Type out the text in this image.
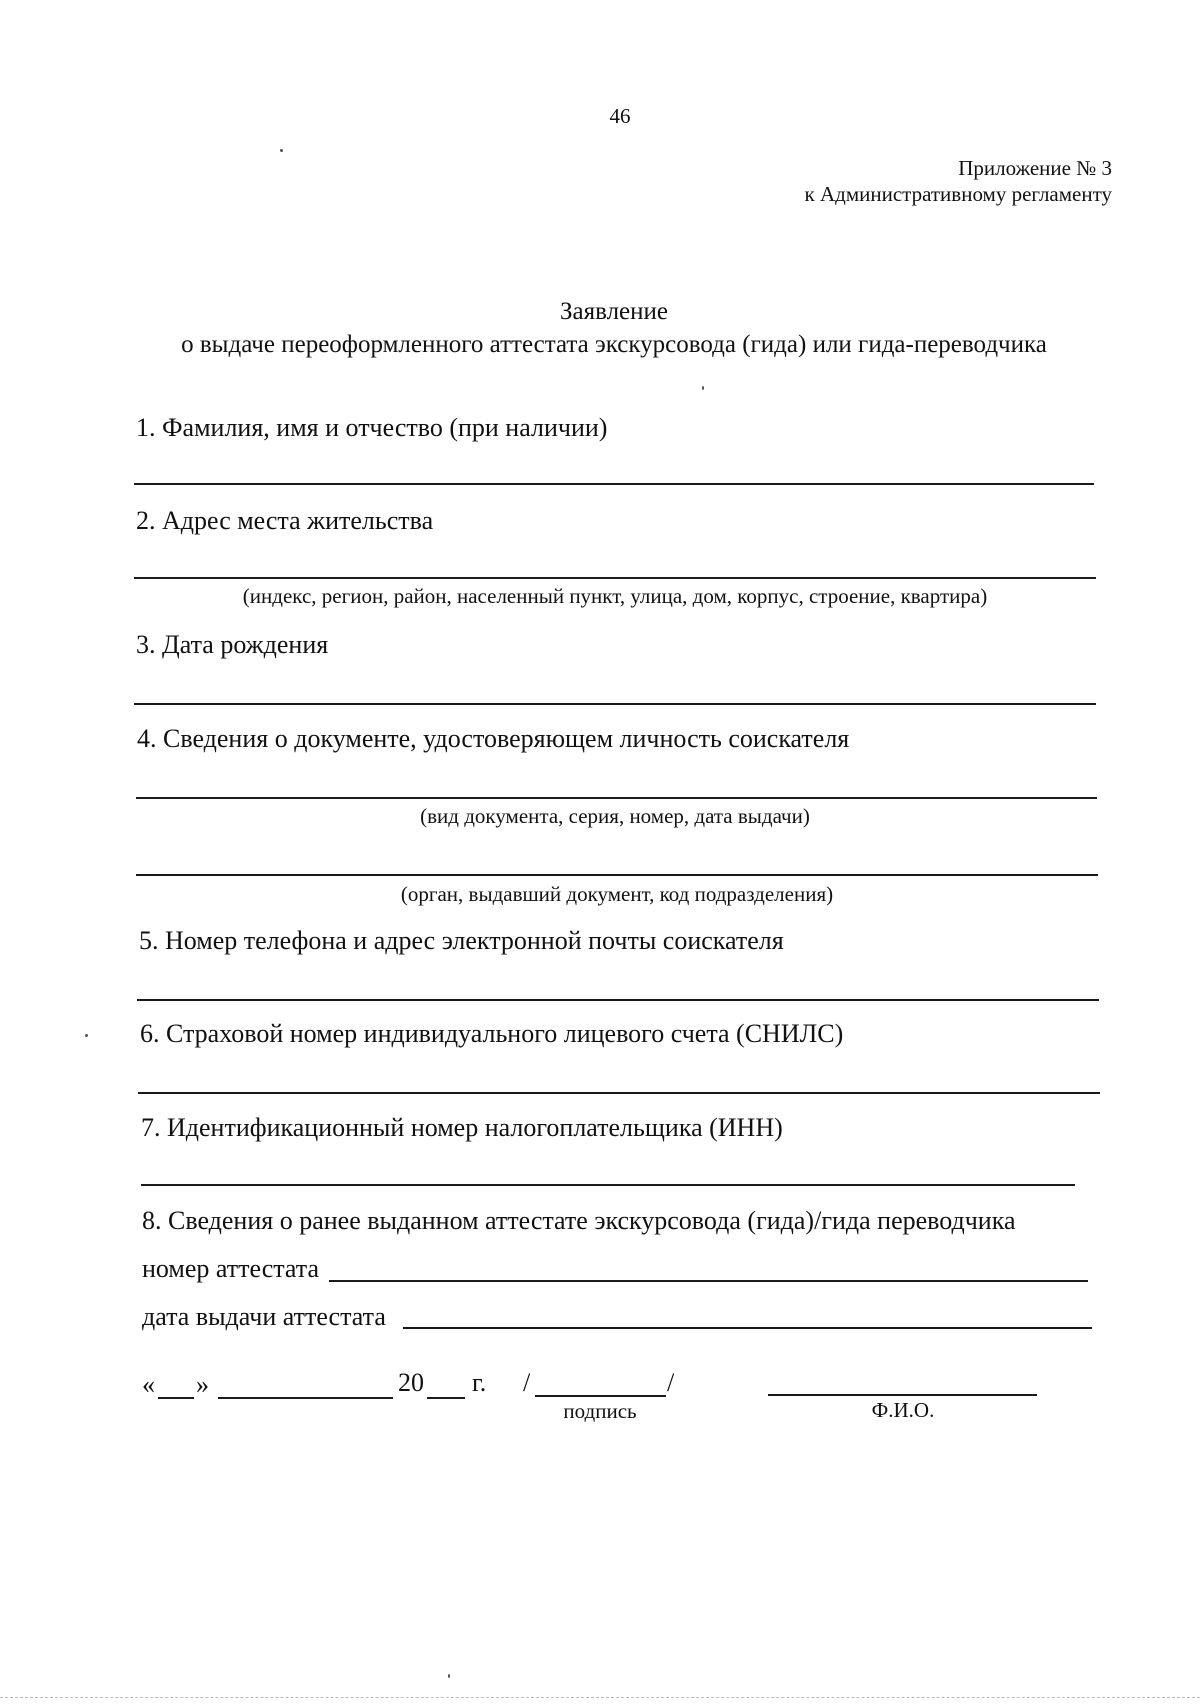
46
Приложение № 3
к Административному регламенту
Заявление
о выдаче переоформленного аттестата экскурсовода (гида) или гида-переводчика
1. Фамилия, имя и отчество (при наличии)
2. Адрес места жительства
(индекс, регион, район, населенный пункт, улица, дом, корпус, строение, квартира)
3. Дата рождения
4. Сведения о документе, удостоверяющем личность соискателя
(вид документа, серия, номер, дата выдачи)
(орган, выдавший документ, код подразделения)
5. Номер телефона и адрес электронной почты соискателя
6. Страховой номер индивидуального лицевого счета (СНИЛС)
7. Идентификационный номер налогоплательщика (ИНН)
8. Сведения о ранее выданном аттестате экскурсовода (гида)/гида переводчика
номер аттестата
дата выдачи аттестата
« »	20 г. /	/
подпись	Ф.И.О.
